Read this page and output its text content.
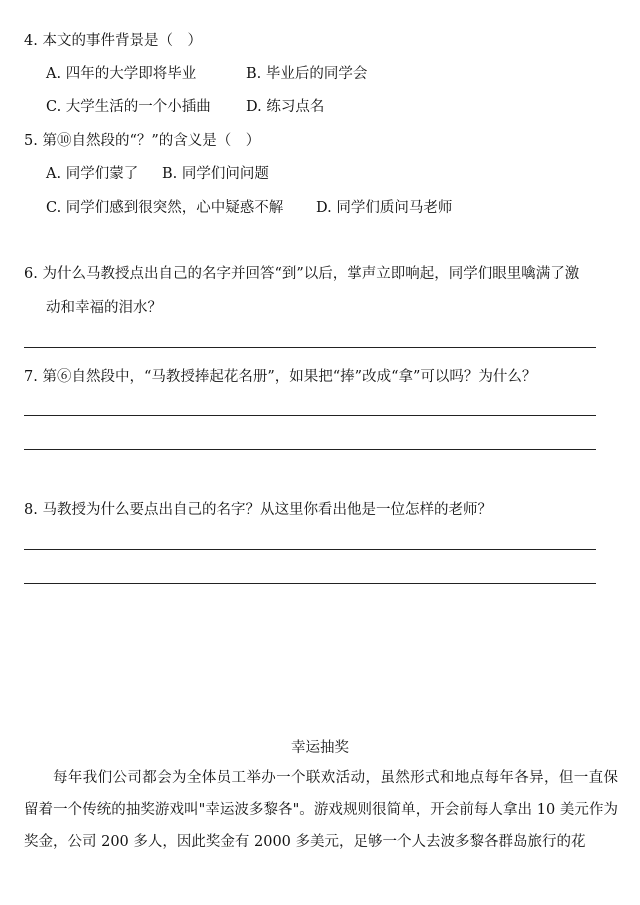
4. 本文的事件背景是（　）
A. 四年的大学即将毕业	B. 毕业后的同学会
C. 大学生活的一个小插曲 D. 练习点名
5. 第⑩自然段的“？”的含义是（　）
A. 同学们蒙了 B. 同学们问问题
C. 同学们感到很突然，心中疑惑不解 D. 同学们质问马老师
6. 为什么马教授点出自己的名字并回答“到”以后，掌声立即响起，同学们眼里噙满了激
动和幸福的泪水？
7. 第⑥自然段中，“马教授捧起花名册”，如果把“捧”改成“拿”可以吗？为什么？
8. 马教授为什么要点出自己的名字？从这里你看出他是一位怎样的老师？
幸运抽奖
每年我们公司都会为全体员工举办一个联欢活动，虽然形式和地点每年各异，但一直保留着一个传统的抽奖游戏叫"幸运波多黎各"。游戏规则很简单，开会前每人拿出 10 美元作为奖金，公司 200 多人，因此奖金有 2000 多美元，足够一个人去波多黎各群岛旅行的花
